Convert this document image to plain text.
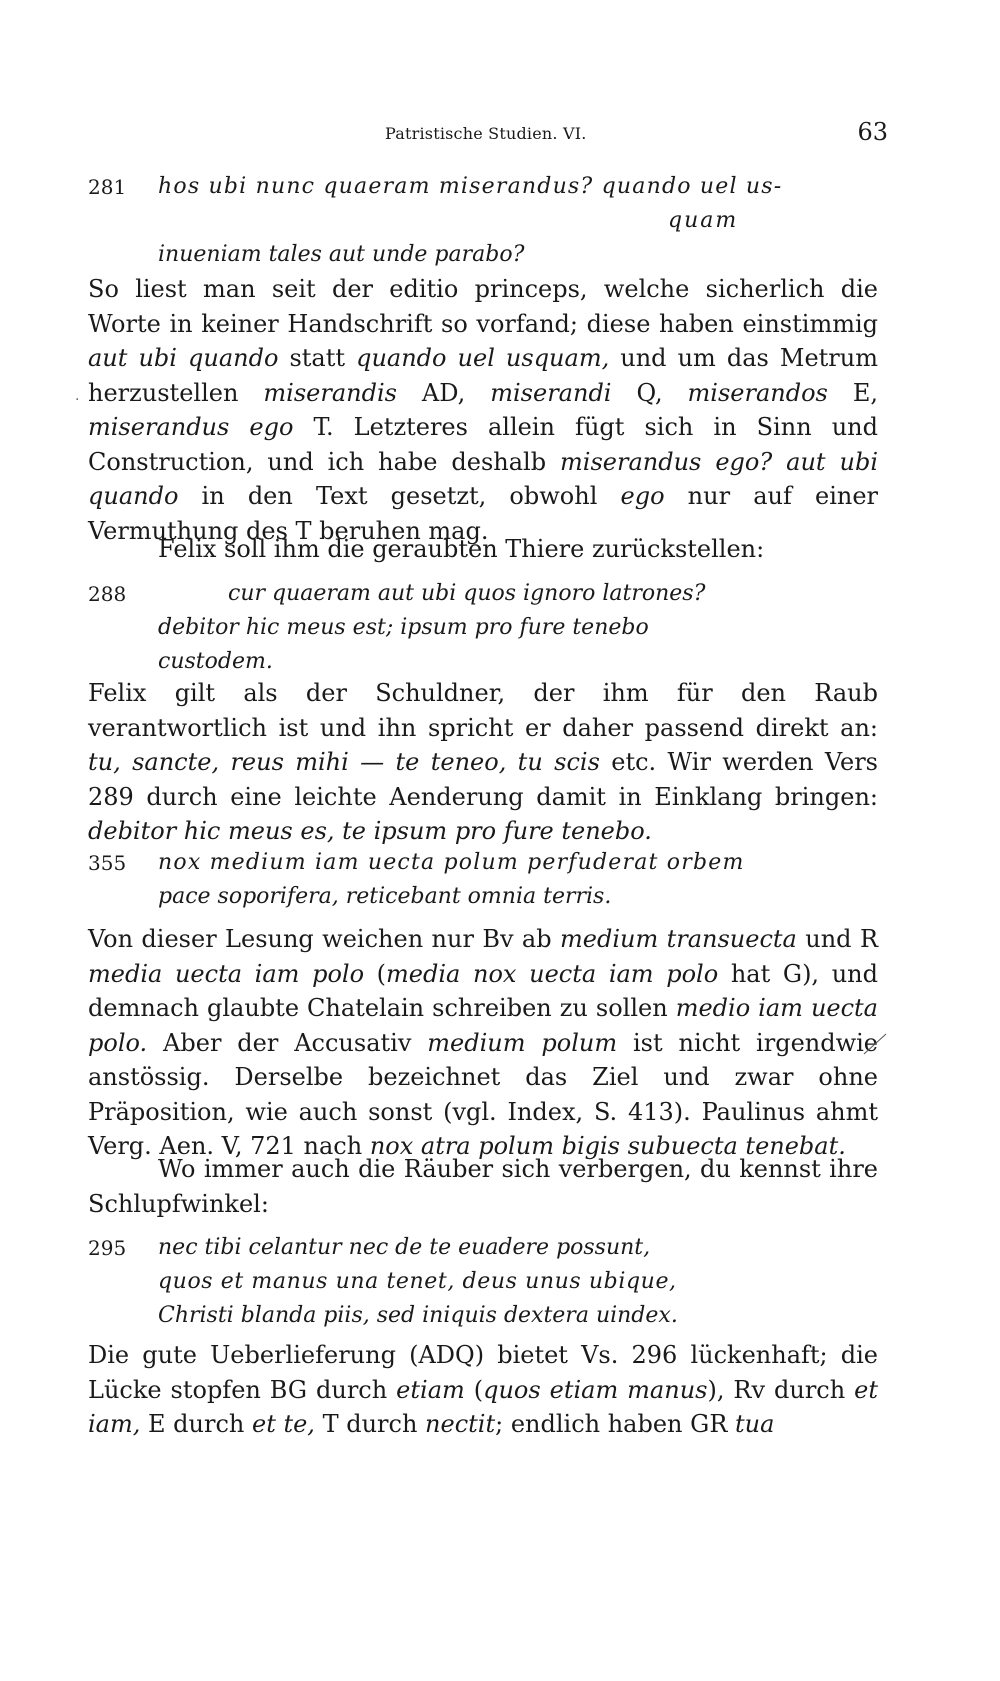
Patristische Studien. VI.	63
281 hos ubi nunc quaeram miserandus? quando uel us-
quam
inueniam tales aut unde parabo?
So liest man seit der editio princeps, welche sicherlich die Worte in keiner Handschrift so vorfand; diese haben einstimmig aut ubi quando statt quando uel usquam, und um das Metrum herzustellen miserandis AD, miserandi Q, miserandos E, miserandus ego T. Letzteres allein fügt sich in Sinn und Construction, und ich habe deshalb miserandus ego? aut ubi quando in den Text gesetzt, obwohl ego nur auf einer Vermuthung des T beruhen mag.
Felix soll ihm die geraubten Thiere zurückstellen:
288	cur quaeram aut ubi quos ignoro latrones?
debitor hic meus est; ipsum pro fure tenebo
custodem.
Felix gilt als der Schuldner, der ihm für den Raub verantwortlich ist und ihn spricht er daher passend direkt an: tu, sancte, reus mihi — te teneo, tu scis etc. Wir werden Vers 289 durch eine leichte Aenderung damit in Einklang bringen: debitor hic meus es, te ipsum pro fure tenebo.
355 nox medium iam uecta polum perfuderat orbem
pace soporifera, reticebant omnia terris.
Von dieser Lesung weichen nur Bv ab medium transuecta und R media uecta iam polo (media nox uecta iam polo hat G), und demnach glaubte Chatelain schreiben zu sollen medio iam uecta polo. Aber der Accusativ medium polum ist nicht irgendwie anstössig. Derselbe bezeichnet das Ziel und zwar ohne Präposition, wie auch sonst (vgl. Index, S. 413). Paulinus ahmt Verg. Aen. V, 721 nach nox atra polum bigis subuecta tenebat.
Wo immer auch die Räuber sich verbergen, du kennst ihre Schlupfwinkel:
295 nec tibi celantur nec de te euadere possunt,
quos et manus una tenet, deus unus ubique,
Christi blanda piis, sed iniquis dextera uindex.
Die gute Ueberlieferung (ADQ) bietet Vs. 296 lückenhaft; die Lücke stopfen BG durch etiam (quos etiam manus), Rv durch et iam, E durch et te, T durch nectit; endlich haben GR tua
·
